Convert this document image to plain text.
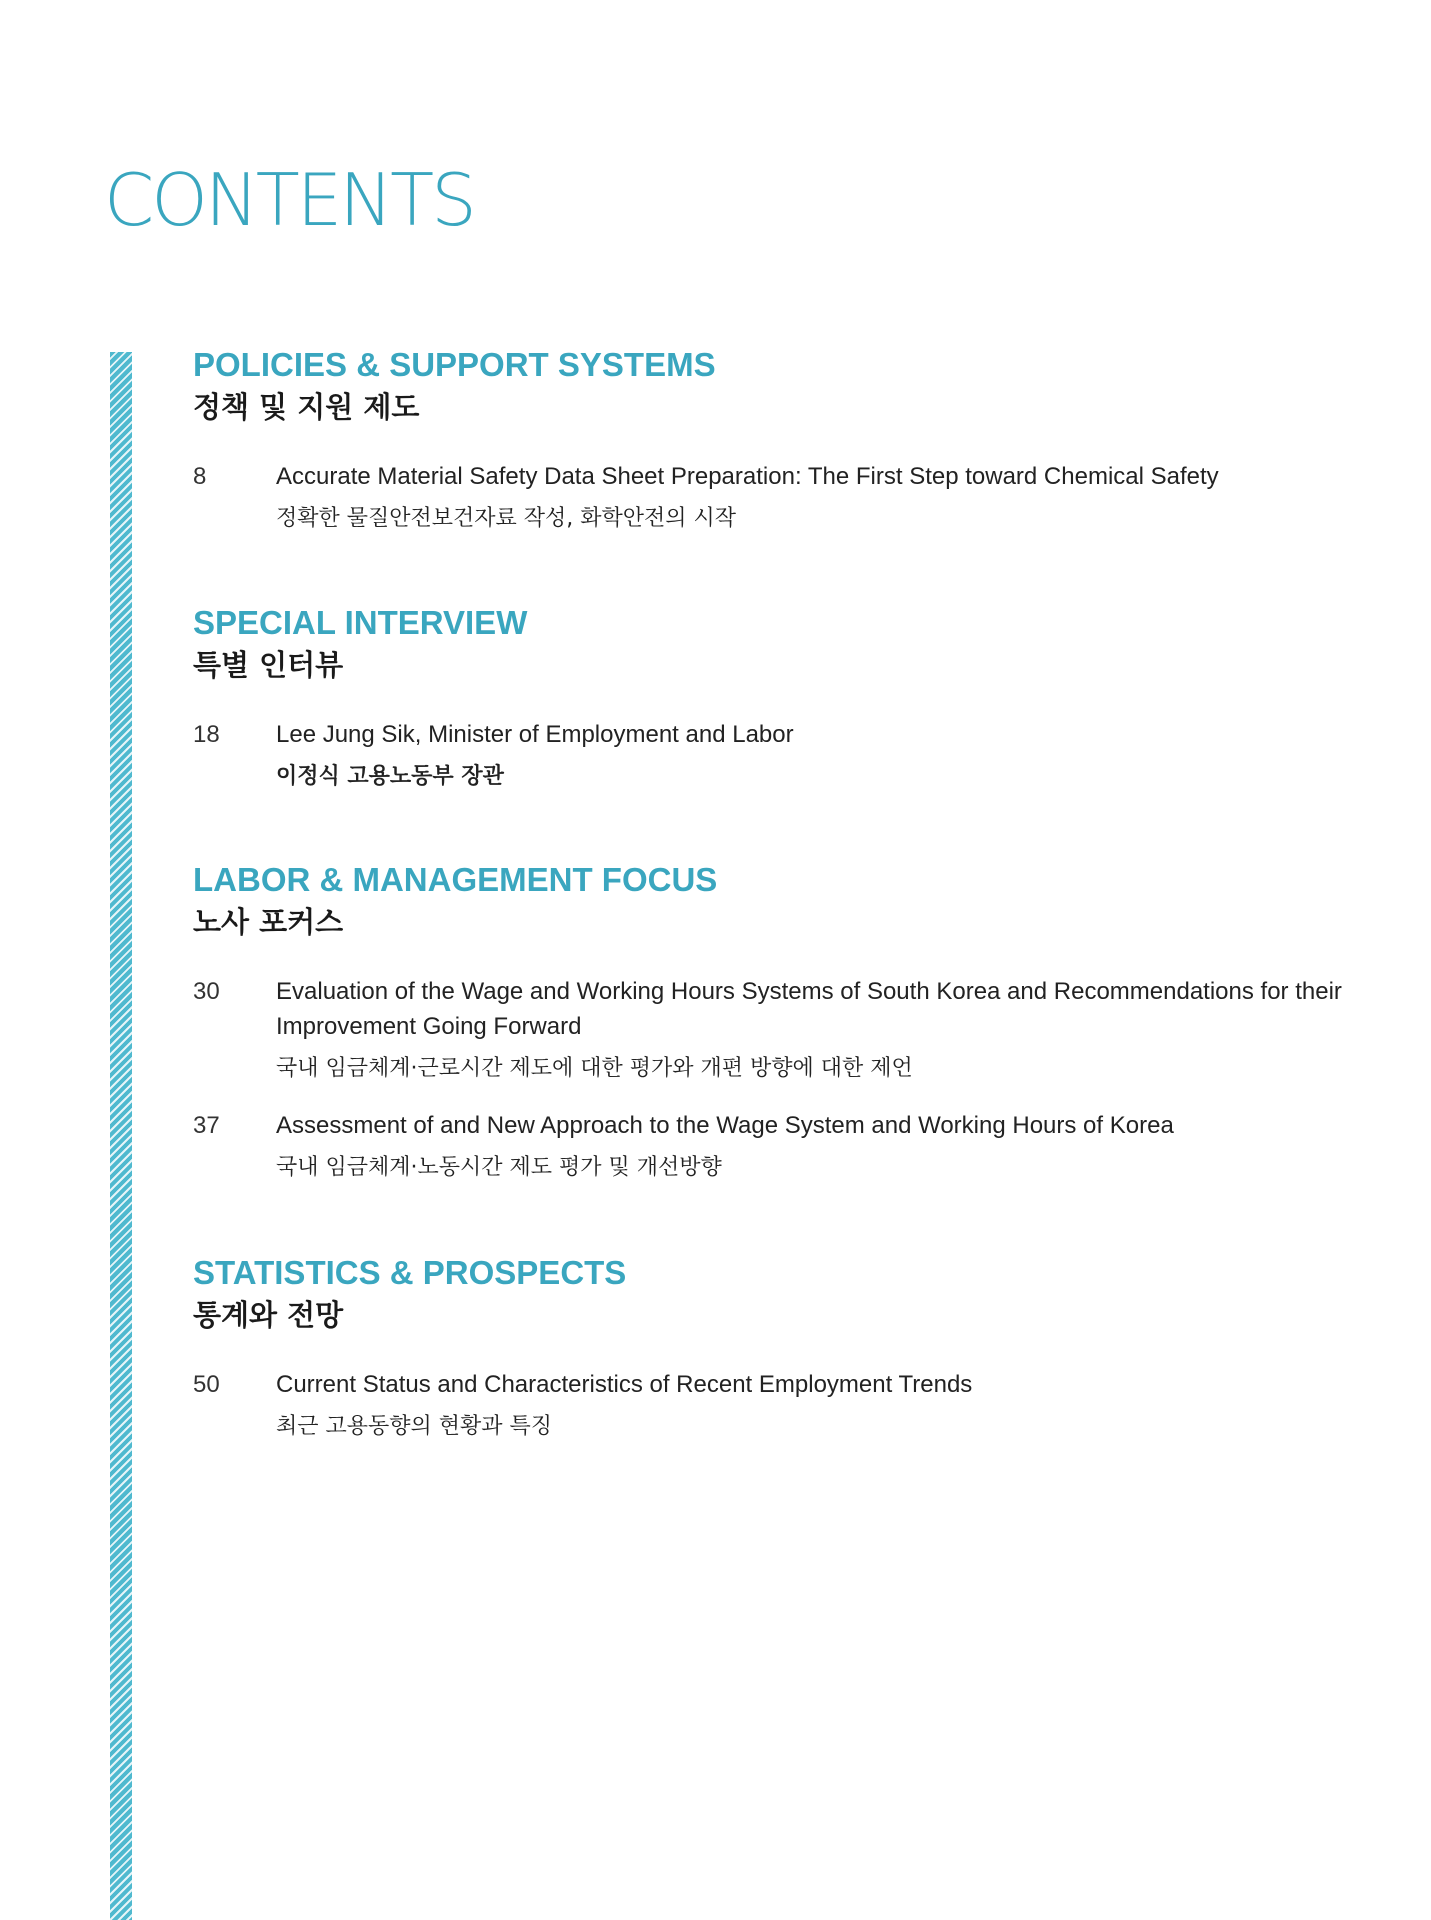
CONTENTS
POLICIES & SUPPORT SYSTEMS
정책 및 지원 제도
8	Accurate Material Safety Data Sheet Preparation: The First Step toward Chemical Safety
정확한 물질안전보건자료 작성, 화학안전의 시작
SPECIAL INTERVIEW
특별 인터뷰
18 Lee Jung Sik, Minister of Employment and Labor
이정식 고용노동부 장관
LABOR & MANAGEMENT FOCUS
노사 포커스
30 Evaluation of the Wage and Working Hours Systems of South Korea and Recommendations for their Improvement Going Forward
국내 임금체계·근로시간 제도에 대한 평가와 개편 방향에 대한 제언
37 Assessment of and New Approach to the Wage System and Working Hours of Korea
국내 임금체계·노동시간 제도 평가 및 개선방향
STATISTICS & PROSPECTS
통계와 전망
50 Current Status and Characteristics of Recent Employment Trends
최근 고용동향의 현황과 특징
